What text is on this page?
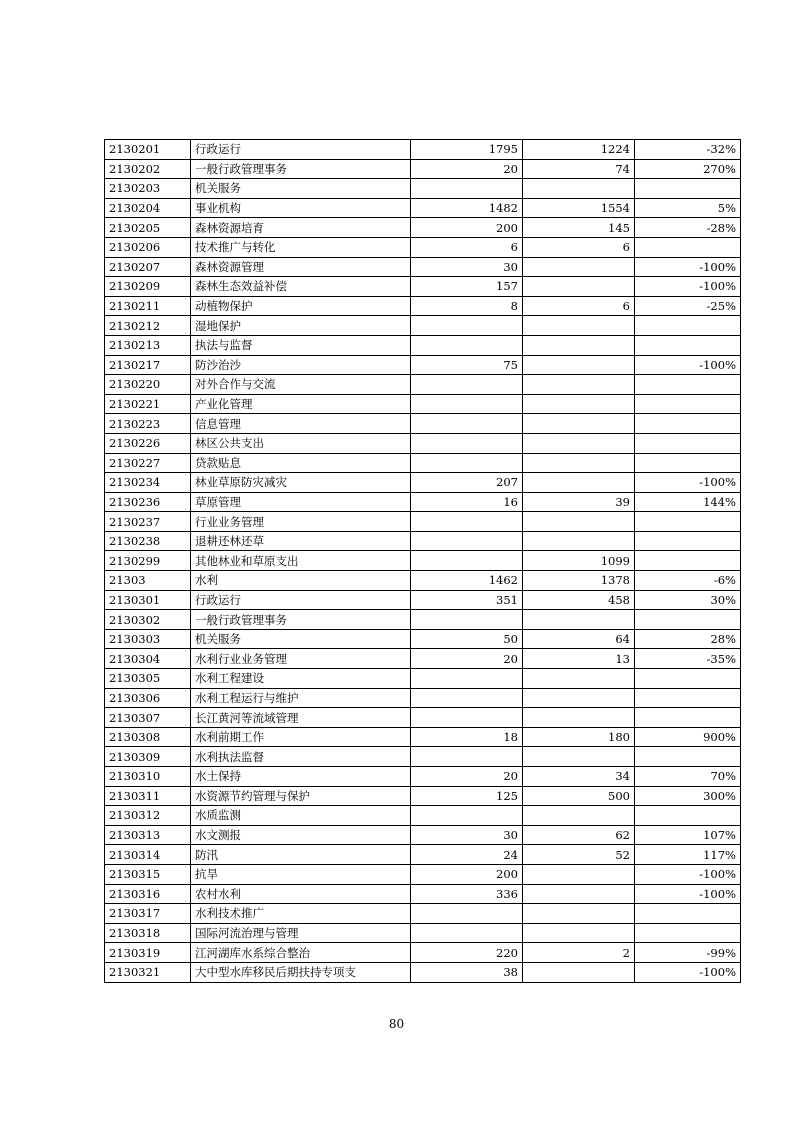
2130201	行政运行	1795	1224	-32%
2130202	一般行政管理事务	20	74	270%
2130203	机关服务			
2130204	事业机构	1482	1554	5%
2130205	森林资源培育	200	145	-28%
2130206	技术推广与转化	6	6	
2130207	森林资源管理	30		-100%
2130209	森林生态效益补偿	157		-100%
2130211	动植物保护	8	6	-25%
2130212	湿地保护			
2130213	执法与监督			
2130217	防沙治沙	75		-100%
2130220	对外合作与交流			
2130221	产业化管理			
2130223	信息管理			
2130226	林区公共支出			
2130227	贷款贴息			
2130234	林业草原防灾减灾	207		-100%
2130236	草原管理	16	39	144%
2130237	行业业务管理			
2130238	退耕还林还草			
2130299	其他林业和草原支出		1099	
21303	水利	1462	1378	-6%
2130301	行政运行	351	458	30%
2130302	一般行政管理事务			
2130303	机关服务	50	64	28%
2130304	水利行业业务管理	20	13	-35%
2130305	水利工程建设			
2130306	水利工程运行与维护			
2130307	长江黄河等流域管理			
2130308	水利前期工作	18	180	900%
2130309	水利执法监督			
2130310	水土保持	20	34	70%
2130311	水资源节约管理与保护	125	500	300%
2130312	水质监测			
2130313	水文测报	30	62	107%
2130314	防汛	24	52	117%
2130315	抗旱	200		-100%
2130316	农村水利	336		-100%
2130317	水利技术推广			
2130318	国际河流治理与管理			
2130319	江河湖库水系综合整治	220	2	-99%
2130321	大中型水库移民后期扶持专项支	38		-100%
80
